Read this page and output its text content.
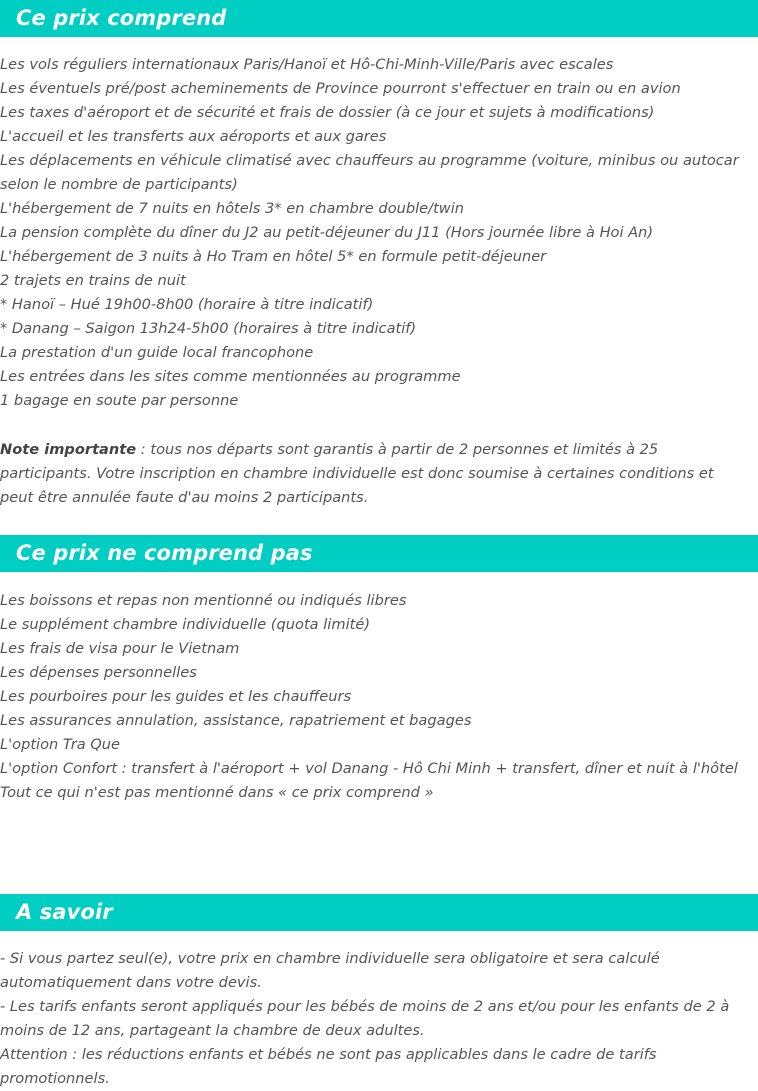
Ce prix comprend

Les vols réguliers internationaux Paris/Hanoï et Hô-Chi-Minh-Ville/Paris avec escales

Les éventuels pré/post acheminements de Province pourront s'effectuer en train ou en avion

Les taxes d'aéroport et de sécurité et frais de dossier (à ce jour et sujets à modifications)

L'accueil et les transferts aux aéroports et aux gares

Les déplacements en véhicule climatisé avec chauffeurs au programme (voiture, minibus ou autocar selon le nombre de participants)

L'hébergement de 7 nuits en hôtels 3* en chambre double/twin

La pension complète du dîner du J2 au petit-déjeuner du J11 (Hors journée libre à Hoi An)

L'hébergement de 3 nuits à Ho Tram en hôtel 5* en formule petit-déjeuner

2 trajets en trains de nuit

* Hanoï – Hué 19h00-8h00 (horaire à titre indicatif)

* Danang – Saigon 13h24-5h00 (horaires à titre indicatif)

La prestation d'un guide local francophone

Les entrées dans les sites comme mentionnées au programme

1 bagage en soute par personne

Note importante : tous nos départs sont garantis à partir de 2 personnes et limités à 25 participants. Votre inscription en chambre individuelle est donc soumise à certaines conditions et peut être annulée faute d'au moins 2 participants.

Ce prix ne comprend pas

Les boissons et repas non mentionné ou indiqués libres

Le supplément chambre individuelle (quota limité)

Les frais de visa pour le Vietnam

Les dépenses personnelles

Les pourboires pour les guides et les chauffeurs

Les assurances annulation, assistance, rapatriement et bagages

L'option Tra Que

L'option Confort : transfert à l'aéroport + vol Danang - Hô Chi Minh + transfert, dîner et nuit à l'hôtel

Tout ce qui n'est pas mentionné dans « ce prix comprend »

A savoir

- Si vous partez seul(e), votre prix en chambre individuelle sera obligatoire et sera calculé automatiquement dans votre devis.

- Les tarifs enfants seront appliqués pour les bébés de moins de 2 ans et/ou pour les enfants de 2 à moins de 12 ans, partageant la chambre de deux adultes.

Attention : les réductions enfants et bébés ne sont pas applicables dans le cadre de tarifs promotionnels.
